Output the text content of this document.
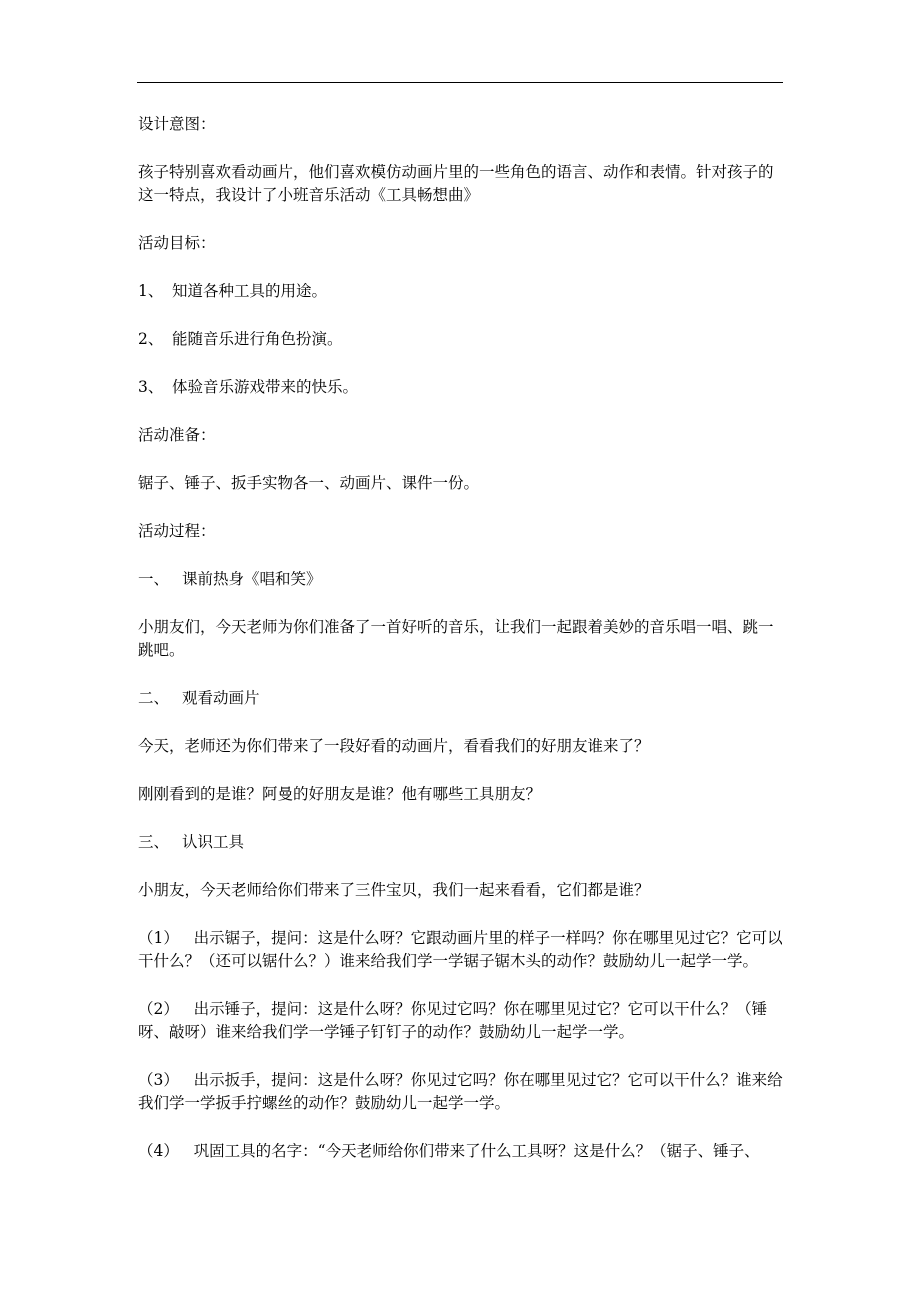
设计意图：

孩子特别喜欢看动画片，他们喜欢模仿动画片里的一些角色的语言、动作和表情。针对孩子的这一特点，我设计了小班音乐活动《工具畅想曲》

活动目标：

1、 知道各种工具的用途。
2、 能随音乐进行角色扮演。
3、 体验音乐游戏带来的快乐。

活动准备：

锯子、锤子、扳手实物各一、动画片、课件一份。

活动过程：

一、 课前热身《唱和笑》

小朋友们，今天老师为你们准备了一首好听的音乐，让我们一起跟着美妙的音乐唱一唱、跳一跳吧。

二、 观看动画片

今天，老师还为你们带来了一段好看的动画片，看看我们的好朋友谁来了？

刚刚看到的是谁？阿曼的好朋友是谁？他有哪些工具朋友？

三、 认识工具

小朋友，今天老师给你们带来了三件宝贝，我们一起来看看，它们都是谁？

（1） 出示锯子，提问：这是什么呀？它跟动画片里的样子一样吗？你在哪里见过它？它可以干什么？（还可以锯什么？）谁来给我们学一学锯子锯木头的动作？鼓励幼儿一起学一学。

（2） 出示锤子，提问：这是什么呀？你见过它吗？你在哪里见过它？它可以干什么？（锤呀、敲呀）谁来给我们学一学锤子钉钉子的动作？鼓励幼儿一起学一学。

（3） 出示扳手，提问：这是什么呀？你见过它吗？你在哪里见过它？它可以干什么？谁来给我们学一学扳手拧螺丝的动作？鼓励幼儿一起学一学。

（4） 巩固工具的名字：“今天老师给你们带来了什么工具呀？这是什么？（锯子、锤子、
